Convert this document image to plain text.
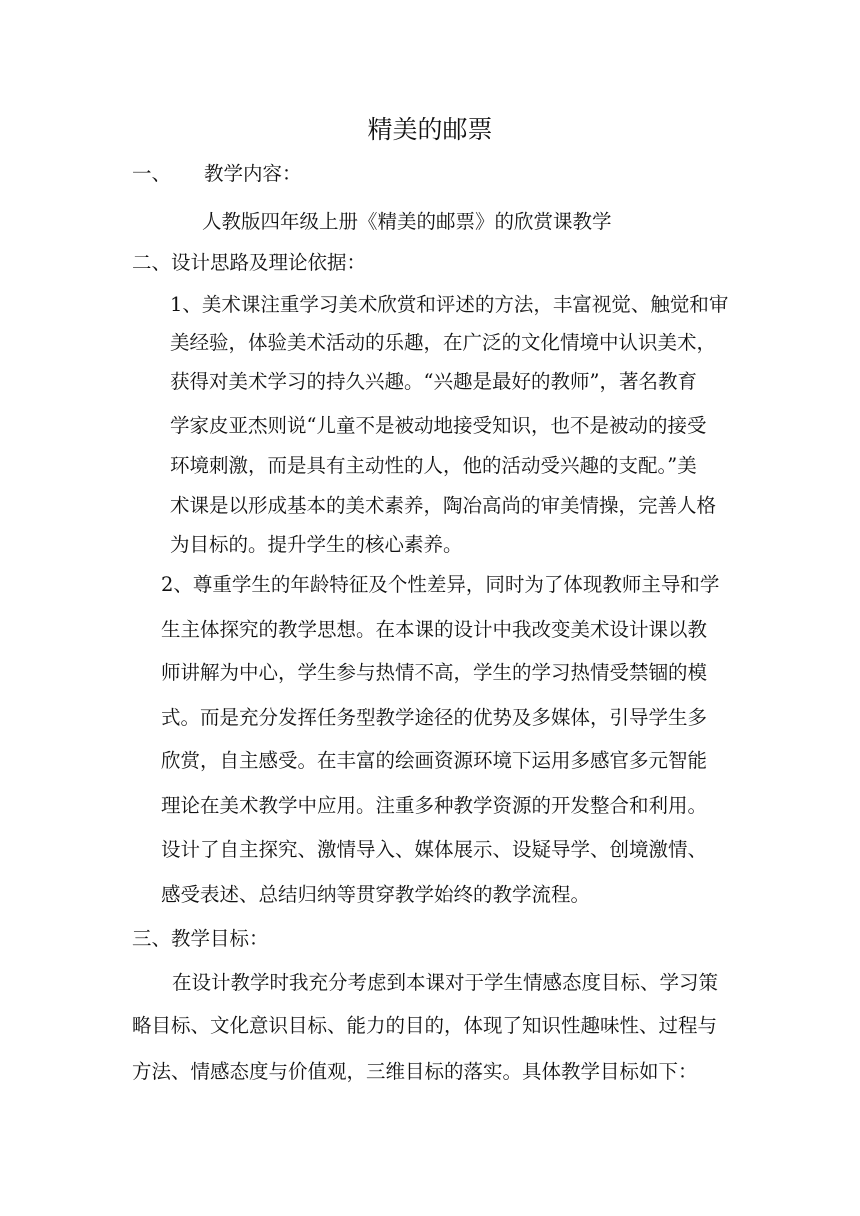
精美的邮票
一、 教学内容：
人教版四年级上册《精美的邮票》的欣赏课教学
二、设计思路及理论依据：
1、美术课注重学习美术欣赏和评述的方法，丰富视觉、触觉和审
美经验，体验美术活动的乐趣，在广泛的文化情境中认识美术，
获得对美术学习的持久兴趣。“兴趣是最好的教师”，著名教育
学家皮亚杰则说“儿童不是被动地接受知识，也不是被动的接受
环境刺激，而是具有主动性的人，他的活动受兴趣的支配。”美
术课是以形成基本的美术素养，陶冶高尚的审美情操，完善人格
为目标的。提升学生的核心素养。
2、尊重学生的年龄特征及个性差异，同时为了体现教师主导和学
生主体探究的教学思想。在本课的设计中我改变美术设计课以教
师讲解为中心，学生参与热情不高，学生的学习热情受禁锢的模
式。而是充分发挥任务型教学途径的优势及多媒体，引导学生多
欣赏，自主感受。在丰富的绘画资源环境下运用多感官多元智能
理论在美术教学中应用。注重多种教学资源的开发整合和利用。
设计了自主探究、激情导入、媒体展示、设疑导学、创境激情、
感受表述、总结归纳等贯穿教学始终的教学流程。
三、教学目标：
在设计教学时我充分考虑到本课对于学生情感态度目标、学习策
略目标、文化意识目标、能力的目的，体现了知识性趣味性、过程与
方法、情感态度与价值观，三维目标的落实。具体教学目标如下：
